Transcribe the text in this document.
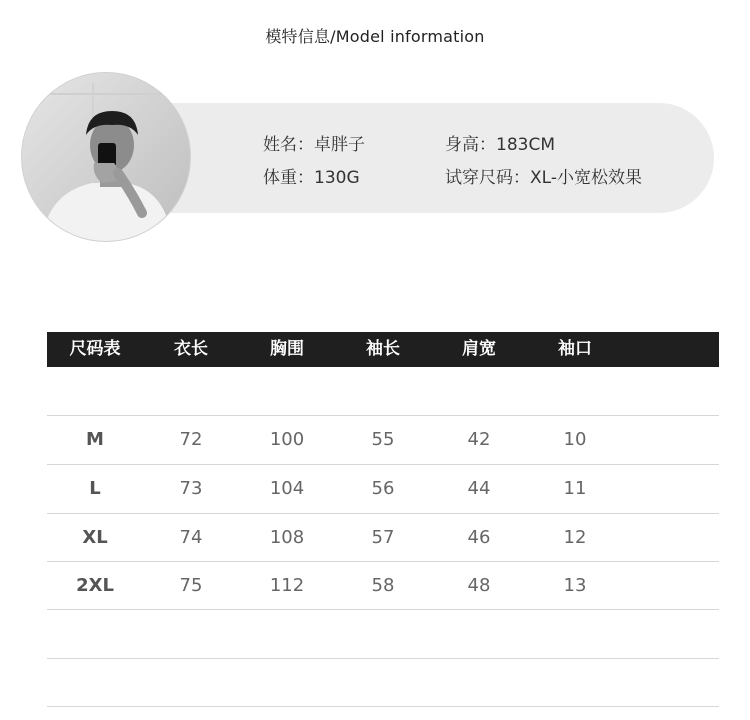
模特信息/Model information
姓名：卓胖子	身高：183CM
体重：130G	试穿尺码：XL-小宽松效果
尺码表	衣长	胸围	袖长	肩宽	袖口
M	72	100	55	42	10
L	73	104	56	44	11
XL	74	108	57	46	12
2XL	75	112	58	48	13
